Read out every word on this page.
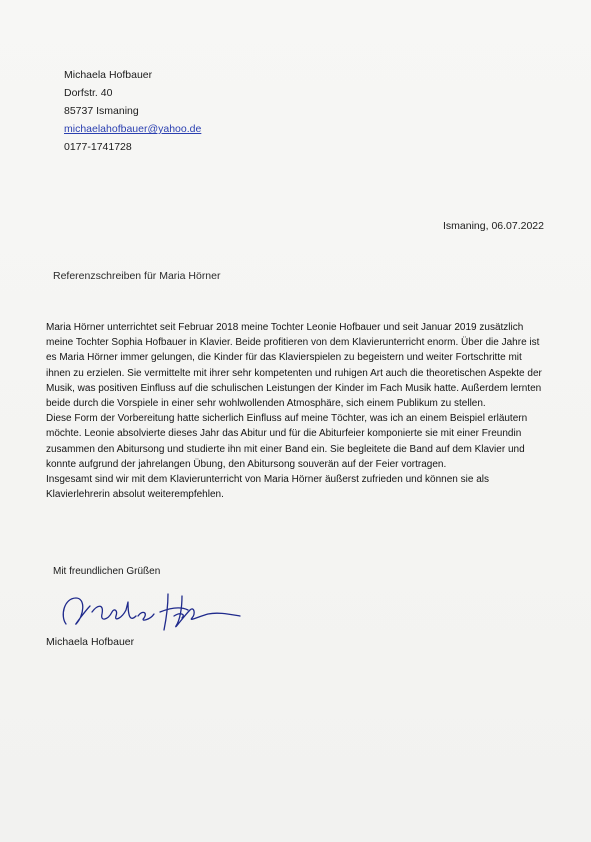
Michaela Hofbauer
Dorfstr. 40
85737 Ismaning
michaelahofbauer@yahoo.de
0177-1741728
Ismaning, 06.07.2022
Referenzschreiben für Maria Hörner

Maria Hörner unterrichtet seit Februar 2018 meine Tochter Leonie Hofbauer und seit Januar 2019 zusätzlich meine Tochter Sophia Hofbauer in Klavier. Beide profitieren von dem Klavierunterricht enorm. Über die Jahre ist es Maria Hörner immer gelungen, die Kinder für das Klavierspielen zu begeistern und weiter Fortschritte mit ihnen zu erzielen. Sie vermittelte mit ihrer sehr kompetenten und ruhigen Art auch die theoretischen Aspekte der Musik, was positiven Einfluss auf die schulischen Leistungen der Kinder im Fach Musik hatte. Außerdem lernten beide durch die Vorspiele in einer sehr wohlwollenden Atmosphäre, sich einem Publikum zu stellen.

Diese Form der Vorbereitung hatte sicherlich Einfluss auf meine Töchter, was ich an einem Beispiel erläutern möchte. Leonie absolvierte dieses Jahr das Abitur und für die Abiturfeier komponierte sie mit einer Freundin zusammen den Abitursong und studierte ihn mit einer Band ein. Sie begleitete die Band auf dem Klavier und konnte aufgrund der jahrelangen Übung, den Abitursong souverän auf der Feier vortragen.

Insgesamt sind wir mit dem Klavierunterricht von Maria Hörner äußerst zufrieden und können sie als Klavierlehrerin absolut weiterempfehlen.

Mit freundlichen Grüßen
Michaela Hofbauer
